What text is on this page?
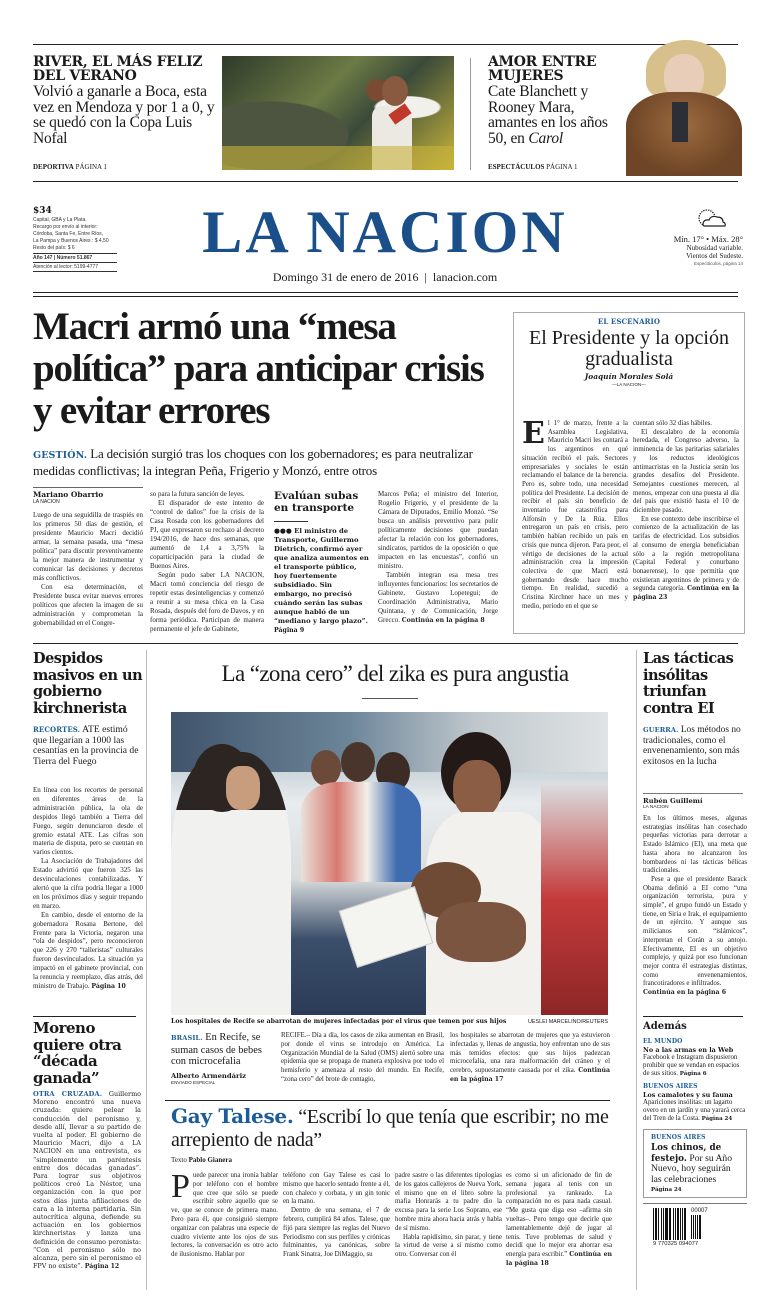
RIVER, EL MÁS FELIZ DEL VERANO
Volvió a ganarle a Boca, esta vez en Mendoza y por 1 a 0, y se quedó con la Copa Luis Nofal
DEPORTIVA PÁGINA 1
AMOR ENTRE MUJERES
Cate Blanchett y Rooney Mara, amantes en los años 50, en Carol
ESPECTÁCULOS PÁGINA 1
$34
Capital, GBA y La Plata.
Recargo por envío al interior:
Córdoba, Santa Fe, Entre Ríos,
La Pampa y Buenos Aires : $ 4,50
Resto del país: $ 6
Año 147 | Número 51.867
Atención al lector: 5199-4777
LA NACION
Domingo 31 de enero de 2016 | lanacion.com
Mín. 17° • Máx. 28°
Nubosidad variable.
Vientos del Sudeste.
Espectáculos, página 14
Macri armó una “mesa política” para anticipar crisis y evitar errores
GESTIÓN. La decisión surgió tras los choques con los gobernadores; es para neutralizar medidas conflictivas; la integran Peña, Frigerio y Monzó, entre otros
Mariano Obarrio
LA NACION

Luego de una seguidilla de traspiés en los primeros 50 días de gestión, el presidente Mauricio Macri decidió armar, la semana pasada, una “mesa política” para discutir preventivamente la mejor manera de instrumentar y comunicar las decisiones y decretos más conflictivos.

Con esa determinación, el Presidente busca evitar nuevos errores políticos que afecten la imagen de su administración y comprometan la gobernabilidad en el Congre-

so para la futura sanción de leyes.

El disparador de este intento de “control de daños” fue la crisis de la Casa Rosada con los gobernadores del PJ, que expresaron su rechazo al decreto 194/2016, de hace dos semanas, que aumentó de 1,4 a 3,75% la coparticipación para la ciudad de Buenos Aires.

Según pudo saber LA NACION, Macri tomó conciencia del riesgo de repetir estas desinteligencias y comenzó a reunir a su mesa chica en la Casa Rosada, después del foro de Davos, y en forma periódica. Participan de manera permanente el jefe de Gabinete,

Evalúan subas en transporte
●●● El ministro de Transporte, Guillermo Dietrich, confirmó ayer que analiza aumentos en el transporte público, hoy fuertemente subsidiado. Sin embargo, no precisó cuándo serán las subas aunque habló de un “mediano y largo plazo”. Página 9

Marcos Peña; el ministro del Interior, Rogelio Frigerio, y el presidente de la Cámara de Diputados, Emilio Monzó. “Se busca un análisis preventivo para pulir políticamente decisiones que puedan afectar la relación con los gobernadores, sindicatos, partidos de la oposición o que impacten en las encuestas”, confió un ministro.

También integran esa mesa tres influyentes funcionarios: los secretarios de Gabinete, Gustavo Lopetegui; de Coordinación Administrativa, Mario Quintana, y de Comunicación, Jorge Grecco. Continúa en la página 8

EL ESCENARIO
El Presidente y la opción gradualista
Joaquín Morales Solá
—LA NACION—

El 1° de marzo, frente a la Asamblea Legislativa, Mauricio Macri les contará a los argentinos en qué situación recibió el país. Sectores empresariales y sociales le están reclamando el balance de la herencia. Pero es, sobre todo, una necesidad política del Presidente. La decisión de recibir el país sin beneficio de inventario fue catastrófica para Alfonsín y De la Rúa. Ellos entregaron un país en crisis, pero también habían recibido un país en crisis que nunca dijeron. Para peor, el vértigo de decisiones de la actual administración crea la impresión colectiva de que Macri está gobernando desde hace mucho tiempo. En realidad, sucedió a Cristina Kirchner hace un mes y medio, período en el que se

cuentan sólo 32 días hábiles.

El descalabro de la economía heredada, el Congreso adverso, la inminencia de las paritarias salariales y los reductos ideológicos antimacristas en la Justicia serán los grandes desafíos del Presidente. Semejantes cuestiones merecen, al menos, empezar con una puesta al día del país que existió hasta el 10 de diciembre pasado.

En ese contexto debe inscribirse el comienzo de la actualización de las tarifas de electricidad. Los subsidios al consumo de energía beneficiaban sólo a la región metropolitana (Capital Federal y conurbano bonaerense), lo que permitía que existieran argentinos de primera y de segunda categoría. Continúa en la página 23

Despidos masivos en un gobierno kirchnerista
RECORTES. ATE estimó que llegarían a 1000 las cesantías en la provincia de Tierra del Fuego

En línea con los recortes de personal en diferentes áreas de la administración pública, la ola de despidos llegó también a Tierra del Fuego, según denunciaron desde el gremio estatal ATE. Las cifras son materia de disputa, pero se cuentan en varios cientos.

La Asociación de Trabajadores del Estado advirtió que fueron 325 las desvinculaciones contabilizadas. Y alertó que la cifra podría llegar a 1000 en los próximos días y seguir trepando en marzo.

En cambio, desde el entorno de la gobernadora Rosana Bertone, del Frente para la Victoria, negaron una “ola de despidos”, pero reconocieron que 226 y 270 “talleristas” culturales fueron desvinculados. La situación ya impactó en el gabinete provincial, con la renuncia y reemplazo, días atrás, del ministro de Trabajo. Página 10

Moreno quiere otra “década ganada”

OTRA CRUZADA. Guillermo Moreno encontró una nueva cruzada: quiere pelear la conducción del peronismo y, desde allí, llevar a su partido de vuelta al poder. El gobierno de Mauricio Macri, dijo a LA NACION en una entrevista, es “simplemente un paréntesis entre dos décadas ganadas”. Para lograr sus objetivos políticos creó La Néstor, una organización con la que por estos días junta afiliaciones de cara a la interna partidaria. Sin autocrítica alguna, defiende su actuación en los gobiernos kirchneristas y lanza una definición de consumo peronista: “Con el peronismo sólo no alcanza, pero sin el peronismo el FPV no existe”. Página 12

La “zona cero” del zika es pura angustia
Los hospitales de Recife se abarrotan de mujeres infectadas por el virus que temen por sus hijos	UESLEI MARCELINO/REUTERS
BRASIL. En Recife, se suman casos de bebes con microcefalia
Alberto Armendáriz
ENVIADO ESPECIAL

RECIFE.– Día a día, los casos de zika aumentan en Brasil, por donde el virus se introdujo en América. La Organización Mundial de la Salud (OMS) alertó sobre una epidemia que se propaga de manera explosiva por todo el hemisferio y amenaza al resto del mundo. En Recife, “zona cero” del brote de contagio,

los hospitales se abarrotan de mujeres que ya estuvieron infectadas y, llenas de angustia, hoy enfrentan uno de sus más temidos efectos: que sus hijos padezcan microcefalia, una rara malformación del cráneo y el cerebro, supuestamente causada por el zika. Continúa en la página 17

Gay Talese. “Escribí lo que tenía que escribir; no me arrepiento de nada”
Texto Pablo Gianera

Puede parecer una ironía hablar por teléfono con el hombre que cree que sólo se puede escribir sobre aquello que se ve, que se conoce de primera mano. Pero para él, que consiguió siempre organizar con palabras una especie de cuadro viviente ante los ojos de sus lectores, la conversación es otro acto de ilusionismo. Hablar por

teléfono con Gay Talese es casi lo mismo que hacerlo sentado frente a él, con chaleco y corbata, y un gin tonic en la mano.

Dentro de una semana, el 7 de febrero, cumplirá 84 años. Talese, que fijó para siempre las reglas del Nuevo Periodismo con sus perfiles y crónicas fulminantes, ya canónicas, sobre Frank Sinatra, Joe DiMaggio, su

padre sastre o las diferentes tipologías de los gatos callejeros de Nueva York, el mismo que en el libro sobre la mafia Honrarás a tu padre dio la excusa para la serie Los Soprano, ese hombre mira ahora hacia atrás y habla de sí mismo.

Habla rapidísimo, sin parar, y tiene la virtud de verse a sí mismo como otro. Conversar con él

es como si un aficionado de fin de semana jugara al tenis con un profesional ya rankeado. La comparación no es para nada casual. “Me gusta que diga eso –afirma sin vueltas–. Pero tengo que decirle que lamentablemente dejé de jugar al tenis. Tuve problemas de salud y decidí que lo mejor era ahorrar esa energía para escribir.” Continúa en la página 18

Las tácticas insólitas triunfan contra EI
GUERRA. Los métodos no tradicionales, como el envenenamiento, son más exitosos en la lucha
Rubén Guillemí
LA NACION

En los últimos meses, algunas estrategias insólitas han cosechado pequeñas victorias para derrotar a Estado Islámico (EI), una meta que hasta ahora no alcanzaron los bombardeos ni las tácticas bélicas tradicionales.

Pese a que el presidente Barack Obama definió a EI como “una organización terrorista, pura y simple”, el grupo fundó un Estado y tiene, en Siria e Irak, el equipamiento de un ejército. Y aunque sus milicianos son “islámicos”, interpretan el Corán a su antojo. Efectivamente, EI es un objetivo complejo, y quizá por eso funcionan mejor contra él estrategias distintas, como envenenamientos, francotiradores e infiltrados.

Continúa en la página 6

Además
EL MUNDO
No a las armas en la Web
Facebook e Instagram dispusieron prohibir que se vendan en espacios de sus sitios. Página 6
BUENOS AIRES
Los camalotes y su fauna
Apariciones insólitas: un lagarto overo en un jardín y una yarará cerca del Tren de la Costa. Página 24
BUENOS AIRES
Los chinos, de festejo. Por su Año Nuevo, hoy seguirán las celebraciones
Página 24
00007
9 770325 094077
